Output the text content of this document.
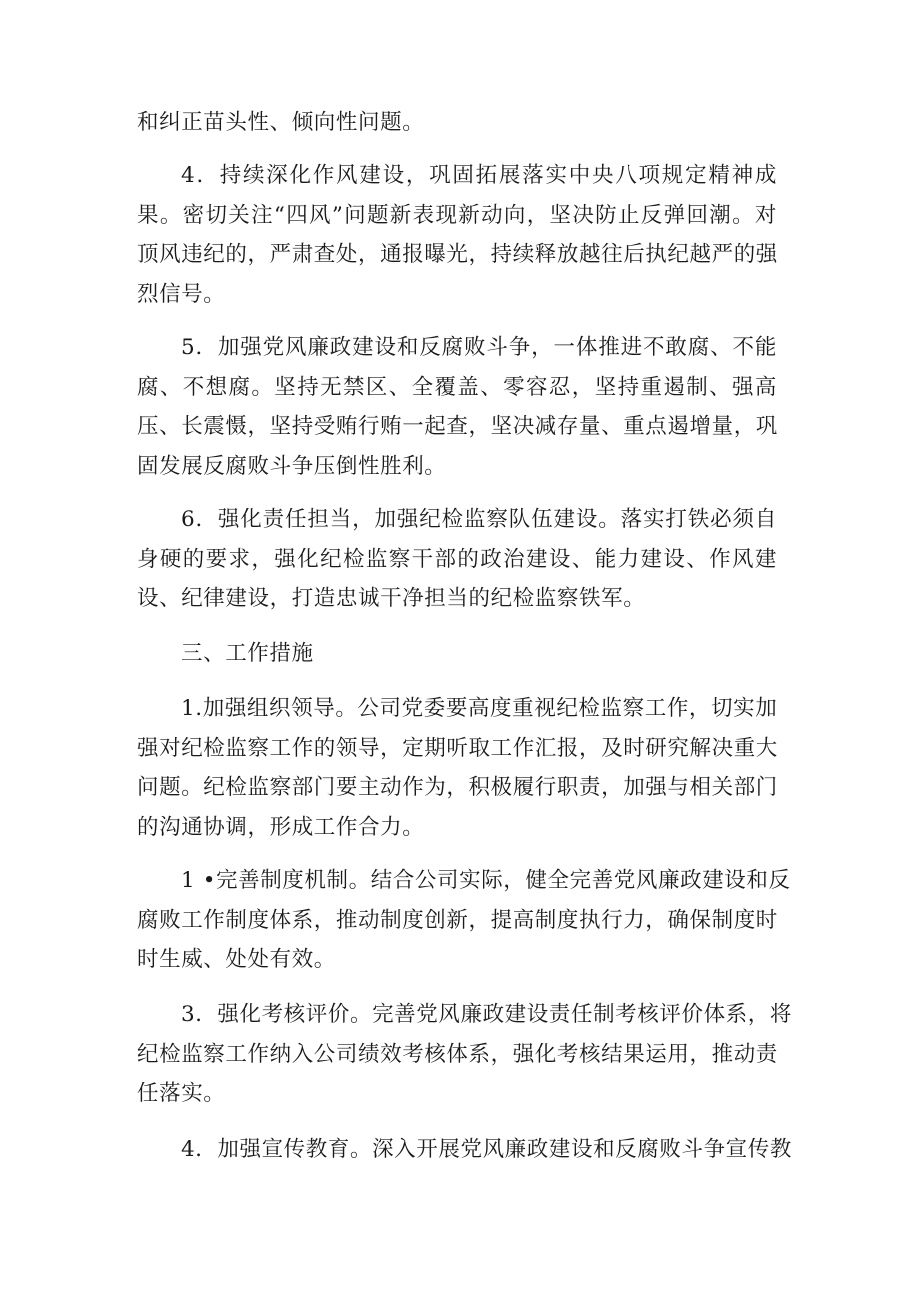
和纠正苗头性、倾向性问题。

4．持续深化作风建设，巩固拓展落实中央八项规定精神成
果。密切关注“四风”问题新表现新动向，坚决防止反弹回潮。对
顶风违纪的，严肃查处，通报曝光，持续释放越往后执纪越严的强
烈信号。

5．加强党风廉政建设和反腐败斗争，一体推进不敢腐、不能
腐、不想腐。坚持无禁区、全覆盖、零容忍，坚持重遏制、强高
压、长震慑，坚持受贿行贿一起查，坚决减存量、重点遏增量，巩
固发展反腐败斗争压倒性胜利。

6．强化责任担当，加强纪检监察队伍建设。落实打铁必须自
身硬的要求，强化纪检监察干部的政治建设、能力建设、作风建
设、纪律建设，打造忠诚干净担当的纪检监察铁军。

三、工作措施

1.加强组织领导。公司党委要高度重视纪检监察工作，切实加
强对纪检监察工作的领导，定期听取工作汇报，及时研究解决重大
问题。纪检监察部门要主动作为，积极履行职责，加强与相关部门
的沟通协调，形成工作合力。

1 •完善制度机制。结合公司实际，健全完善党风廉政建设和反
腐败工作制度体系，推动制度创新，提高制度执行力，确保制度时
时生威、处处有效。

3．强化考核评价。完善党风廉政建设责任制考核评价体系，将
纪检监察工作纳入公司绩效考核体系，强化考核结果运用，推动责
任落实。

4．加强宣传教育。深入开展党风廉政建设和反腐败斗争宣传教
